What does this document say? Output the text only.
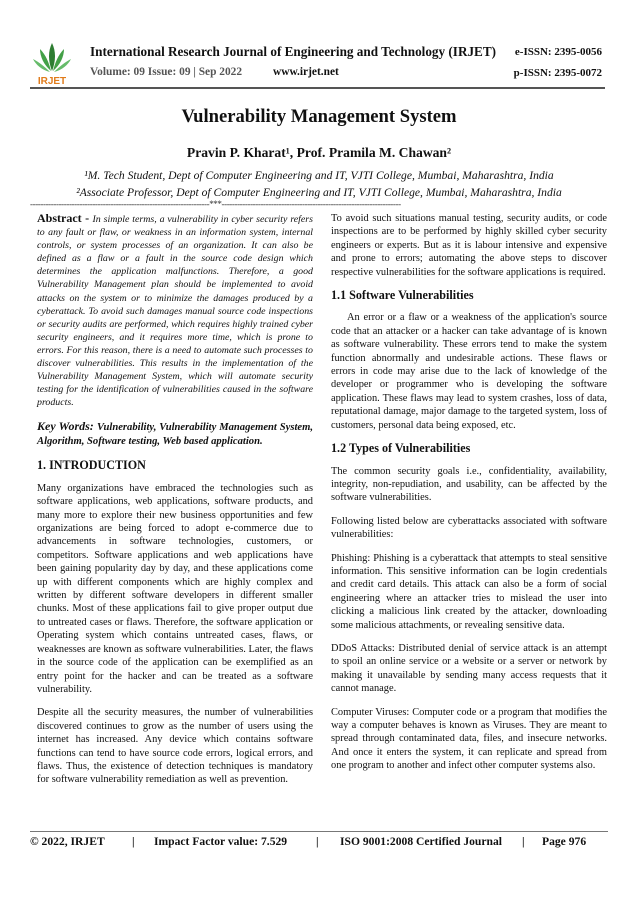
IRJET
International Research Journal of Engineering and Technology (IRJET) e-ISSN: 2395-0056
Volume: 09 Issue: 09 | Sep 2022	www.irjet.net	p-ISSN: 2395-0072
Vulnerability Management System
Pravin P. Kharat¹, Prof. Pramila M. Chawan²
¹M. Tech Student, Dept of Computer Engineering and IT, VJTI College, Mumbai, Maharashtra, India
²Associate Professor, Dept of Computer Engineering and IT, VJTI College, Mumbai, Maharashtra, India
---------------------------------------------------------------------***---------------------------------------------------------------------

Abstract - In simple terms, a vulnerability in cyber security refers to any fault or flaw, or weakness in an information system, internal controls, or system processes of an organization. It can also be defined as a flaw or a fault in the source code design which determines the application malfunctions. Therefore, a good Vulnerability Management plan should be implemented to avoid attacks on the system or to minimize the damages produced by a cyberattack. To avoid such damages manual source code inspections or security audits are performed, which requires highly trained cyber security engineers, and it requires more time, which is prone to errors. For this reason, there is a need to automate such processes to discover vulnerabilities. This results in the implementation of the Vulnerability Management System, which will automate security testing for the identification of vulnerabilities caused in the software products.

Key Words: Vulnerability, Vulnerability Management System, Algorithm, Software testing, Web based application.

1. INTRODUCTION

Many organizations have embraced the technologies such as software applications, web applications, software products, and many more to explore their new business opportunities and few organizations are being forced to adopt e-commerce due to advancements in software technologies, customers, or competitors. Software applications and web applications have been gaining popularity day by day, and these applications come up with different components which are highly complex and written by different software developers in different smaller chunks. Most of these applications fail to give proper output due to untreated cases or flaws. Therefore, the software application or Operating system which contains untreated cases, flaws, or weaknesses are known as software vulnerabilities. Later, the flaws in the source code of the application can be exemplified as an entry point for the hacker and can be treated as a software vulnerability.

Despite all the security measures, the number of vulnerabilities discovered continues to grow as the number of users using the internet has increased. Any device which contains software functions can tend to have source code errors, logical errors, and flaws. Thus, the existence of detection techniques is mandatory for software vulnerability remediation as well as prevention.

To avoid such situations manual testing, security audits, or code inspections are to be performed by highly skilled cyber security engineers or experts. But as it is labour intensive and expensive and prone to errors; automating the above steps to discover respective vulnerabilities for the software applications is required.

1.1 Software Vulnerabilities

An error or a flaw or a weakness of the application's source code that an attacker or a hacker can take advantage of is known as software vulnerability. These errors tend to make the system function abnormally and undesirable actions. These flaws or errors in code may arise due to the lack of knowledge of the developer or programmer who is developing the software application. These flaws may lead to system crashes, loss of data, reputational damage, major damage to the targeted system, loss of customers, personal data being exposed, etc.

1.2 Types of Vulnerabilities

The common security goals i.e., confidentiality, availability, integrity, non-repudiation, and usability, can be affected by the software vulnerabilities.

Following listed below are cyberattacks associated with software vulnerabilities:

Phishing: Phishing is a cyberattack that attempts to steal sensitive information. This sensitive information can be login credentials and credit card details. This attack can also be a form of social engineering where an attacker tries to mislead the user into clicking a malicious link created by the attacker, downloading some malicious attachments, or revealing sensitive data.

DDoS Attacks: Distributed denial of service attack is an attempt to spoil an online service or a website or a server or network by making it unavailable by sending many access requests that it cannot manage.

Computer Viruses: Computer code or a program that modifies the way a computer behaves is known as Viruses. They are meant to spread through contaminated data, files, and insecure networks. And once it enters the system, it can replicate and spread from one program to another and infect other computer systems also.

© 2022, IRJET | Impact Factor value: 7.529 | ISO 9001:2008 Certified Journal | Page 976
